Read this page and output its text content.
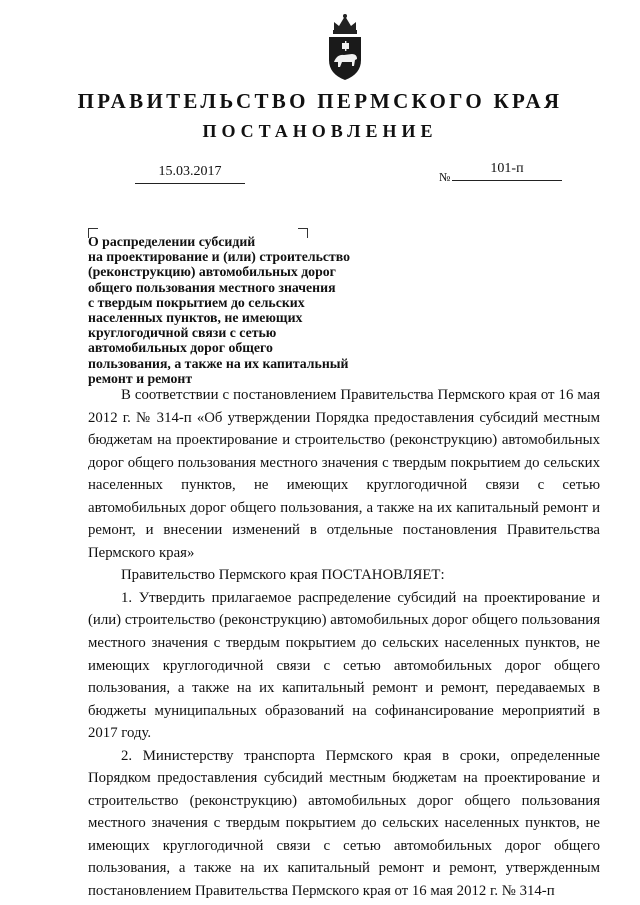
ПРАВИТЕЛЬСТВО ПЕРМСКОГО КРАЯ
ПОСТАНОВЛЕНИЕ
15.03.2017	№
101-п
О распределении субсидий
на проектирование и (или) строительство
(реконструкцию) автомобильных дорог
общего пользования местного значения
с твердым покрытием до сельских
населенных пунктов, не имеющих
круглогодичной связи с сетью
автомобильных дорог общего
пользования, а также на их капитальный
ремонт и ремонт

В соответствии с постановлением Правительства Пермского края от 16 мая 2012 г. № 314-п «Об утверждении Порядка предоставления субсидий местным бюджетам на проектирование и строительство (реконструкцию) автомобильных дорог общего пользования местного значения с твердым покрытием до сельских населенных пунктов, не имеющих круглогодичной связи с сетью автомобильных дорог общего пользования, а также на их капитальный ремонт и ремонт, и внесении изменений в отдельные постановления Правительства Пермского края»

Правительство Пермского края ПОСТАНОВЛЯЕТ:

1. Утвердить прилагаемое распределение субсидий на проектирование и (или) строительство (реконструкцию) автомобильных дорог общего пользования местного значения с твердым покрытием до сельских населенных пунктов, не имеющих круглогодичной связи с сетью автомобильных дорог общего пользования, а также на их капитальный ремонт и ремонт, передаваемых в бюджеты муниципальных образований на софинансирование мероприятий в 2017 году.

2. Министерству транспорта Пермского края в сроки, определенные Порядком предоставления субсидий местным бюджетам на проектирование и строительство (реконструкцию) автомобильных дорог общего пользования местного значения с твердым покрытием до сельских населенных пунктов, не имеющих круглогодичной связи с сетью автомобильных дорог общего пользования, а также на их капитальный ремонт и ремонт, утвержденным постановлением Правительства Пермского края от 16 мая 2012 г. № 314-п
